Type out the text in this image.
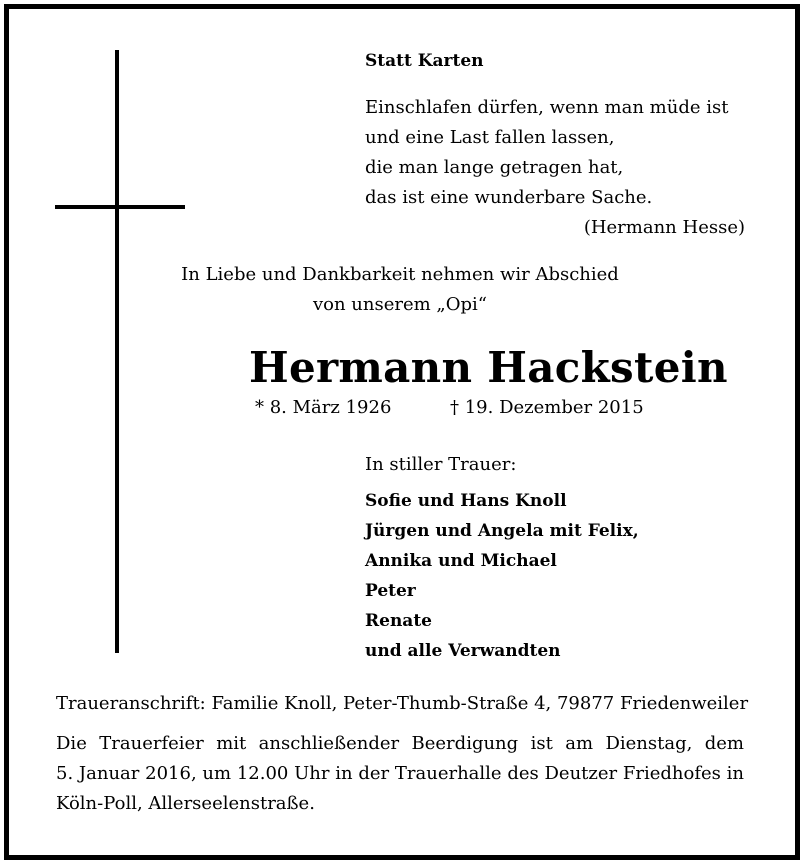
Statt Karten
Einschlafen dürfen, wenn man müde ist
und eine Last fallen lassen,
die man lange getragen hat,
das ist eine wunderbare Sache.
(Hermann Hesse)
In Liebe und Dankbarkeit nehmen wir Abschied
von unserem „Opi“
Hermann Hackstein
* 8. März 1926	† 19. Dezember 2015
In stiller Trauer:
Sofie und Hans Knoll
Jürgen und Angela mit Felix,
Annika und Michael
Peter
Renate
und alle Verwandten
Traueranschrift: Familie Knoll, Peter-Thumb-Straße 4, 79877 Friedenweiler
Die Trauerfeier mit anschließender Beerdigung ist am Dienstag, dem
5. Januar 2016, um 12.00 Uhr in der Trauerhalle des Deutzer Friedhofes in
Köln-Poll, Allerseelenstraße.
